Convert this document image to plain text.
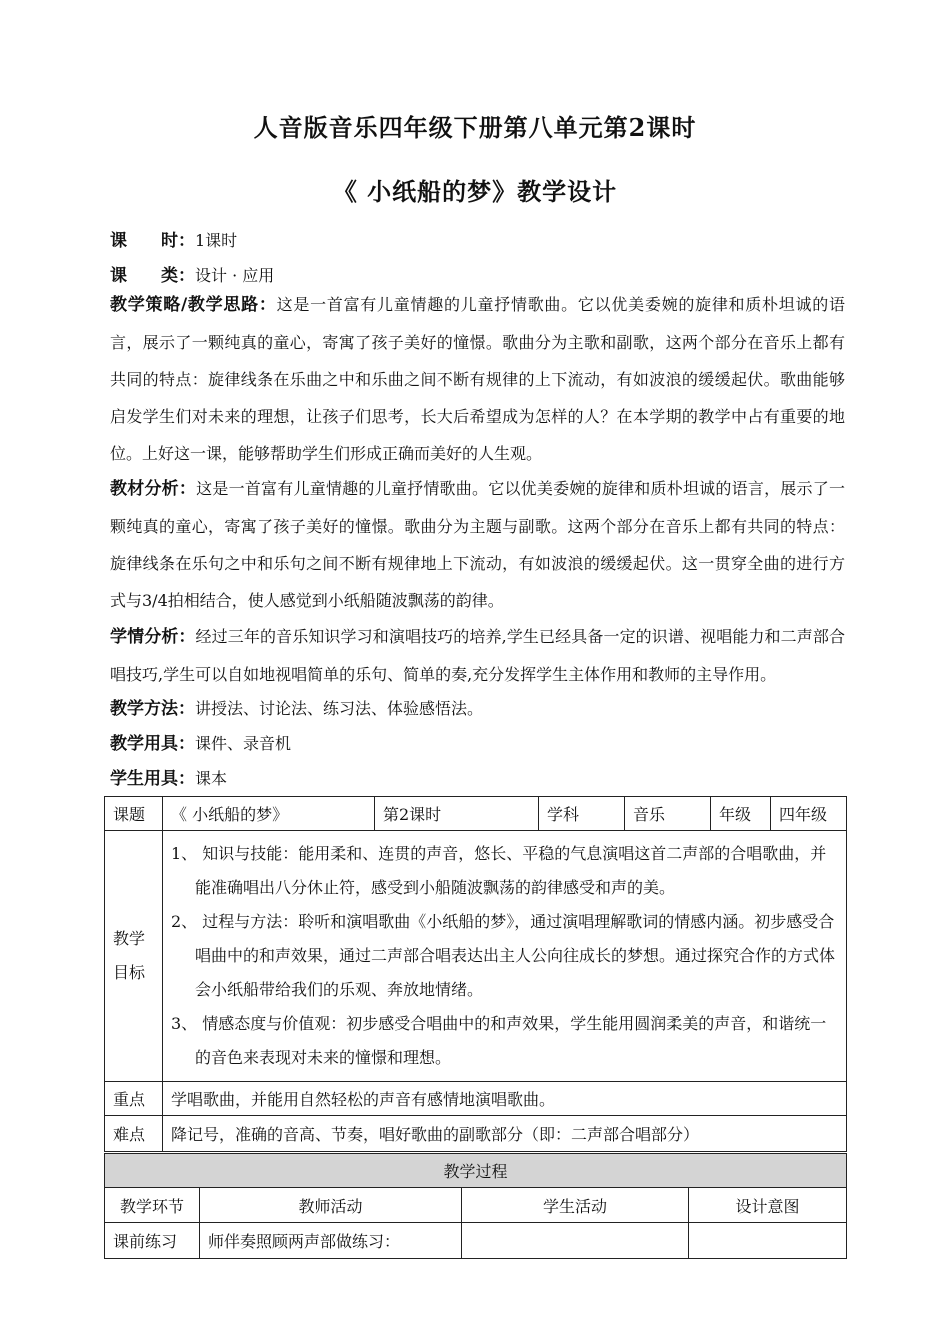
人音版音乐四年级下册第八单元第2课时
《 小纸船的梦》教学设计
课　　时：1课时
课　　类：设计 · 应用
教学策略/教学思路：这是一首富有儿童情趣的儿童抒情歌曲。它以优美委婉的旋律和质朴坦诚的语言，展示了一颗纯真的童心，寄寓了孩子美好的憧憬。歌曲分为主歌和副歌，这两个部分在音乐上都有共同的特点：旋律线条在乐曲之中和乐曲之间不断有规律的上下流动，有如波浪的缓缓起伏。歌曲能够启发学生们对未来的理想，让孩子们思考，长大后希望成为怎样的人？在本学期的教学中占有重要的地位。上好这一课，能够帮助学生们形成正确而美好的人生观。
教材分析：这是一首富有儿童情趣的儿童抒情歌曲。它以优美委婉的旋律和质朴坦诚的语言，展示了一颗纯真的童心，寄寓了孩子美好的憧憬。歌曲分为主题与副歌。这两个部分在音乐上都有共同的特点：旋律线条在乐句之中和乐句之间不断有规律地上下流动，有如波浪的缓缓起伏。这一贯穿全曲的进行方式与3/4拍相结合，使人感觉到小纸船随波飘荡的韵律。
学情分析：经过三年的音乐知识学习和演唱技巧的培养,学生已经具备一定的识谱、视唱能力和二声部合唱技巧,学生可以自如地视唱简单的乐句、简单的奏,充分发挥学生主体作用和教师的主导作用。
教学方法：讲授法、讨论法、练习法、体验感悟法。
教学用具：课件、录音机
学生用具：课本
课题	《 小纸船的梦》	第2课时	学科	音乐	年级	四年级
教学目标	1、 知识与技能：能用柔和、连贯的声音，悠长、平稳的气息演唱这首二声部的合唱歌曲，并能准确唱出八分休止符，感受到小船随波飘荡的韵律感受和声的美。

2、 过程与方法：聆听和演唱歌曲《小纸船的梦》，通过演唱理解歌词的情感内涵。初步感受合唱曲中的和声效果，通过二声部合唱表达出主人公向往成长的梦想。通过探究合作的方式体会小纸船带给我们的乐观、奔放地情绪。

3、 情感态度与价值观：初步感受合唱曲中的和声效果，学生能用圆润柔美的声音，和谐统一的音色来表现对未来的憧憬和理想。					

重点	学唱歌曲，并能用自然轻松的声音有感情地演唱歌曲。					
难点	降记号，准确的音高、节奏，唱好歌曲的副歌部分（即：二声部合唱部分）					
教学过程			
教学环节	教师活动	学生活动	设计意图
课前练习	师伴奏照顾两声部做练习：		
